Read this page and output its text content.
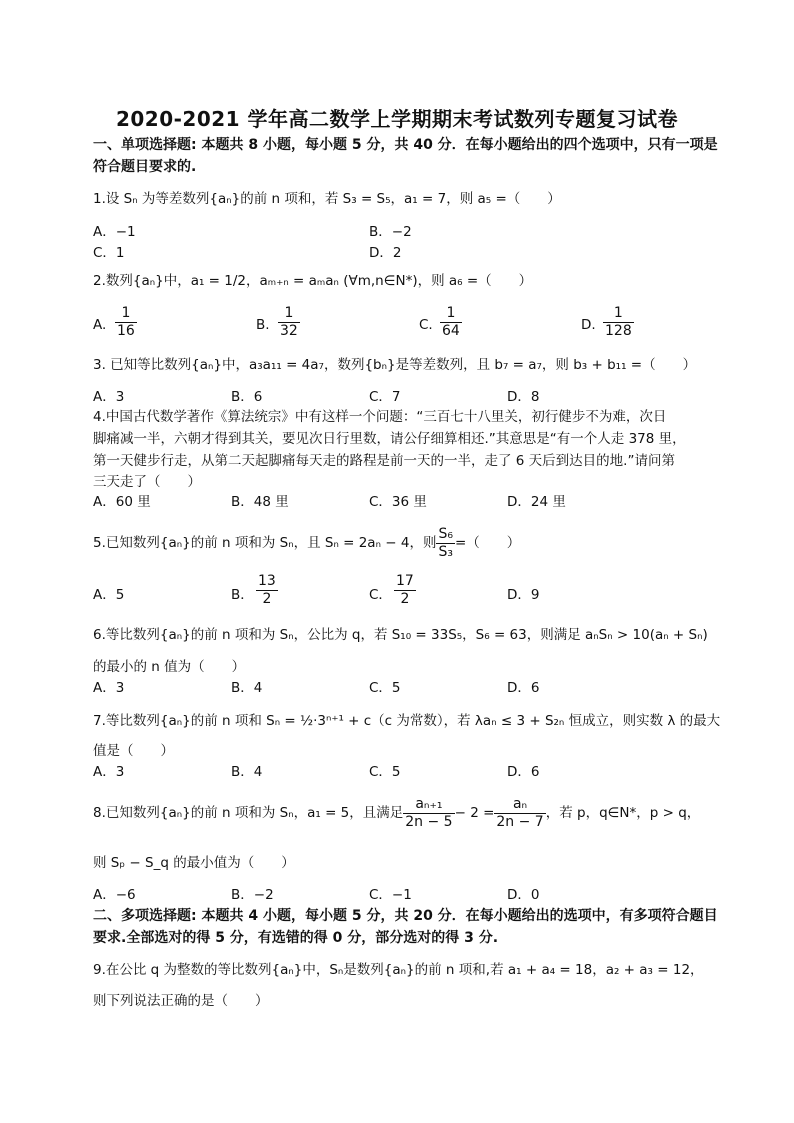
2020-2021 学年高二数学上学期期末考试数列专题复习试卷
一、单项选择题: 本题共 8 小题，每小题 5 分，共 40 分．在每小题给出的四个选项中，只有一项是
符合题目要求的.
1.设 Sₙ 为等差数列{aₙ}的前 n 项和，若 S₃ = S₅，a₁ = 7，则 a₅ =（　　）
A．−1	B．−2
C．1	D．2
2.数列{aₙ}中，a₁ = 1/2，aₘ₊ₙ = aₘaₙ (∀m,n∈N*)，则 a₆ =（　　）
A. $\frac{1}{16}$	B. $\frac{1}{32}$	C. $\frac{1}{64}$	D. $\frac{1}{128}$
3. 已知等比数列{aₙ}中，a₃a₁₁ = 4a₇，数列{bₙ}是等差数列，且 b₇ = a₇，则 b₃ + b₁₁ =（　　）
A．3	B．6	C．7	D．8
4.中国古代数学著作《算法统宗》中有这样一个问题：“三百七十八里关，初行健步不为难，次日
脚痛减一半，六朝才得到其关，要见次日行里数，请公仔细算相还.”其意思是“有一个人走 378 里，
第一天健步行走，从第二天起脚痛每天走的路程是前一天的一半，走了 6 天后到达目的地.”请问第
三天走了（　　）
A．60 里	B．48 里	C．36 里	D．24 里
5.已知数列{aₙ}的前 n 项和为 Sₙ，且 Sₙ = 2aₙ − 4，则 $\frac{\text{S₆}}{\text{S₃}}$ =（　　）
A．5	B． $\frac{13}{2}$	C． $\frac{17}{2}$	D．9
6.等比数列{aₙ}的前 n 项和为 Sₙ，公比为 q，若 S₁₀ = 33S₅，S₆ = 63，则满足 aₙSₙ > 10(aₙ + Sₙ)
的最小的 n 值为（　　）
A．3	B．4	C．5	D．6
7.等比数列{aₙ}的前 n 项和 Sₙ = ½·3ⁿ⁺¹ + c（c 为常数），若 λaₙ ≤ 3 + S₂ₙ 恒成立，则实数 λ 的最大
值是（　　）
A．3	B．4	C．5	D．6
8.已知数列{aₙ}的前 n 项和为 Sₙ，a₁ = 5，且满足 $\frac{\text{aₙ₊₁}}{2n - 5} - 2 = \frac{\text{aₙ}}{2n - 7}$ ，若 p，q∈N*，p > q，
则 Sₚ − S_q 的最小值为（　　）
A．−6	B．−2	C．−1	D．0
二、多项选择题: 本题共 4 小题，每小题 5 分，共 20 分．在每小题给出的选项中，有多项符合题目
要求.全部选对的得 5 分，有选错的得 0 分，部分选对的得 3 分.
9.在公比 q 为整数的等比数列{aₙ}中，Sₙ是数列{aₙ}的前 n 项和,若 a₁ + a₄ = 18，a₂ + a₃ = 12，
则下列说法正确的是（　　）
